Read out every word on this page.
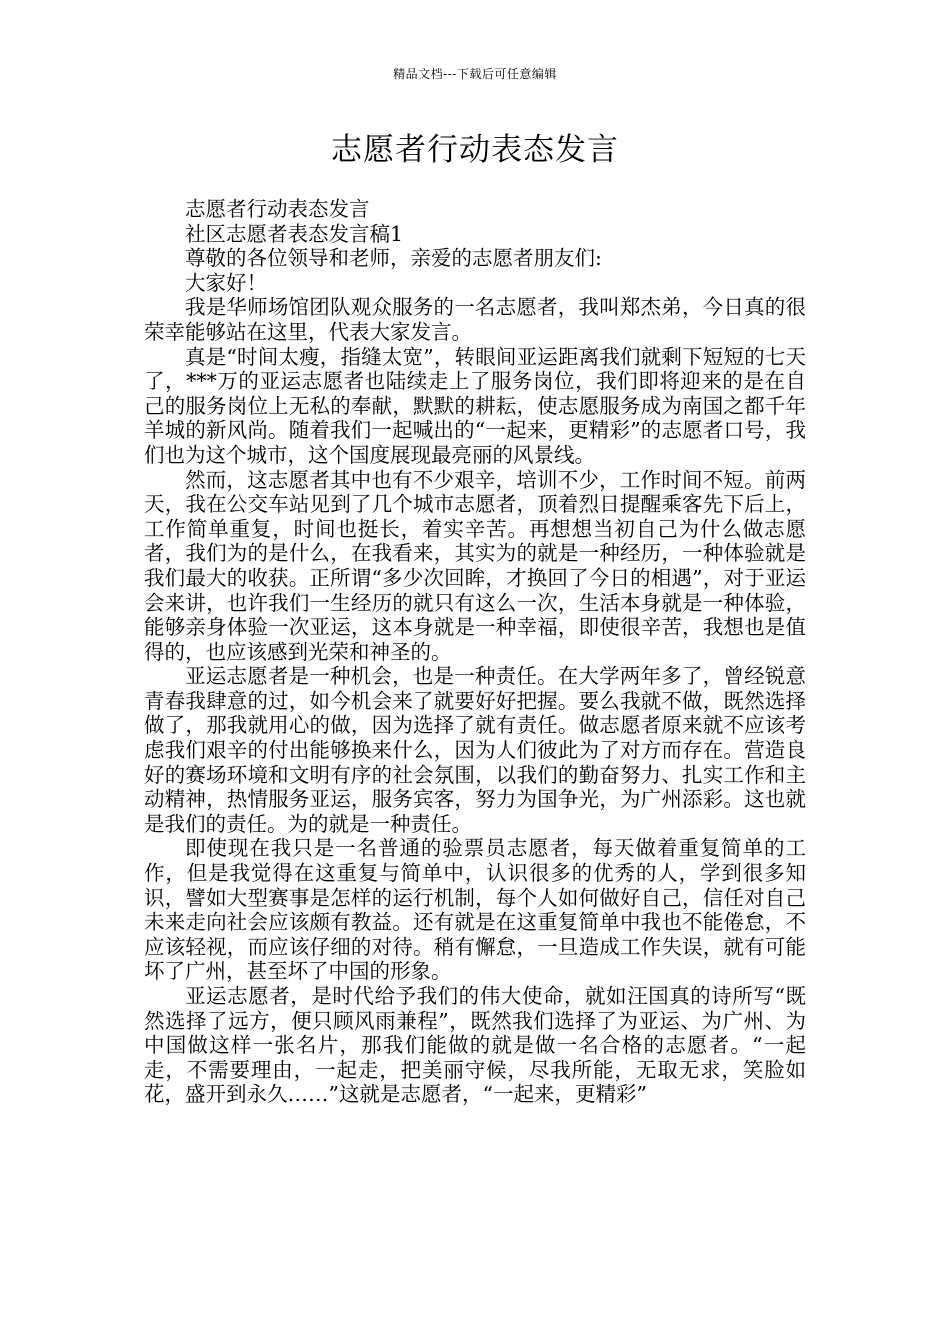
精品文档---下载后可任意编辑
志愿者行动表态发言

志愿者行动表态发言

社区志愿者表态发言稿1

尊敬的各位领导和老师，亲爱的志愿者朋友们:

大家好！

我是华师场馆团队观众服务的一名志愿者，我叫郑杰弟，今日真的很荣幸能够站在这里，代表大家发言。

真是“时间太瘦，指缝太宽”，转眼间亚运距离我们就剩下短短的七天了，***万的亚运志愿者也陆续走上了服务岗位，我们即将迎来的是在自己的服务岗位上无私的奉献，默默的耕耘，使志愿服务成为南国之都千年羊城的新风尚。随着我们一起喊出的“一起来，更精彩”的志愿者口号，我们也为这个城市，这个国度展现最亮丽的风景线。

然而，这志愿者其中也有不少艰辛，培训不少，工作时间不短。前两天，我在公交车站见到了几个城市志愿者，顶着烈日提醒乘客先下后上，工作简单重复，时间也挺长，着实辛苦。再想想当初自己为什么做志愿者，我们为的是什么，在我看来，其实为的就是一种经历，一种体验就是我们最大的收获。正所谓“多少次回眸，才换回了今日的相遇”，对于亚运会来讲，也许我们一生经历的就只有这么一次，生活本身就是一种体验，能够亲身体验一次亚运，这本身就是一种幸福，即使很辛苦，我想也是值得的，也应该感到光荣和神圣的。

亚运志愿者是一种机会，也是一种责任。在大学两年多了，曾经锐意青春我肆意的过，如今机会来了就要好好把握。要么我就不做，既然选择做了，那我就用心的做，因为选择了就有责任。做志愿者原来就不应该考虑我们艰辛的付出能够换来什么，因为人们彼此为了对方而存在。营造良好的赛场环境和文明有序的社会氛围，以我们的勤奋努力、扎实工作和主动精神，热情服务亚运，服务宾客，努力为国争光，为广州添彩。这也就是我们的责任。为的就是一种责任。

即使现在我只是一名普通的验票员志愿者，每天做着重复简单的工作，但是我觉得在这重复与简单中，认识很多的优秀的人，学到很多知识，譬如大型赛事是怎样的运行机制，每个人如何做好自己，信任对自己未来走向社会应该颇有教益。还有就是在这重复简单中我也不能倦怠，不应该轻视，而应该仔细的对待。稍有懈怠，一旦造成工作失误，就有可能坏了广州，甚至坏了中国的形象。

亚运志愿者，是时代给予我们的伟大使命，就如汪国真的诗所写“既然选择了远方，便只顾风雨兼程”，既然我们选择了为亚运、为广州、为中国做这样一张名片，那我们能做的就是做一名合格的志愿者。“一起走，不需要理由，一起走，把美丽守候，尽我所能，无取无求，笑脸如花，盛开到永久……”这就是志愿者，“一起来，更精彩”
